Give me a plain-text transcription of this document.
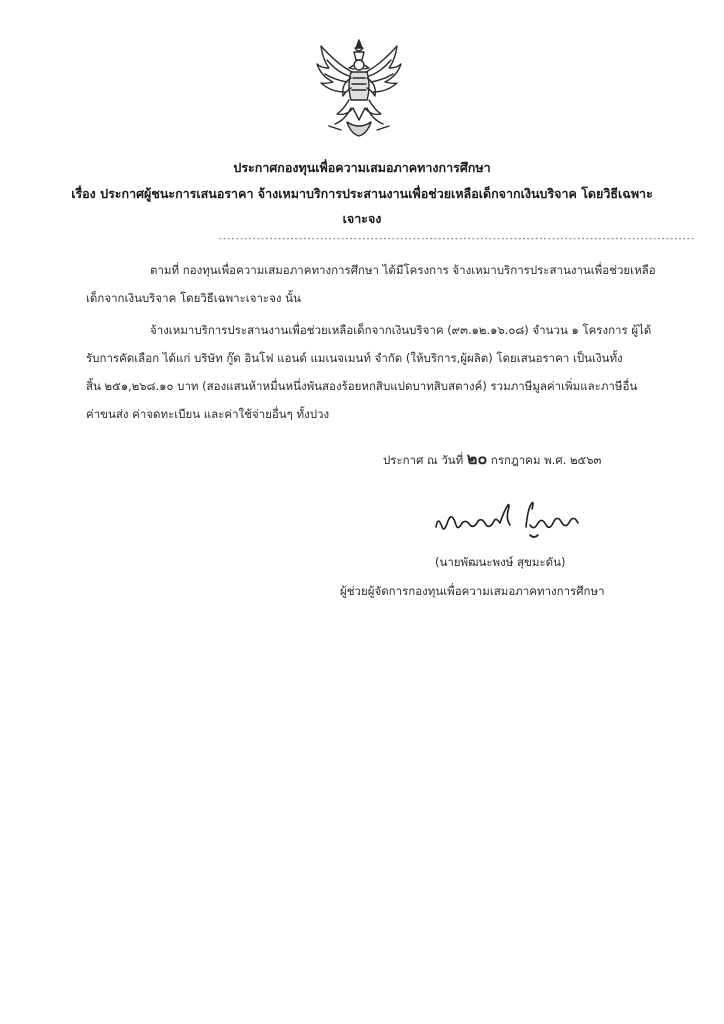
ประกาศกองทุนเพื่อความเสมอภาคทางการศึกษา
เรื่อง ประกาศผู้ชนะการเสนอราคา จ้างเหมาบริการประสานงานเพื่อช่วยเหลือเด็กจากเงินบริจาค โดยวิธีเฉพาะ
เจาะจง
-----------------------------------------------------------------------------------------------------------------
ตามที่ กองทุนเพื่อความเสมอภาคทางการศึกษา ได้มีโครงการ จ้างเหมาบริการประสานงานเพื่อช่วยเหลือ
เด็กจากเงินบริจาค โดยวิธีเฉพาะเจาะจง นั้น
จ้างเหมาบริการประสานงานเพื่อช่วยเหลือเด็กจากเงินบริจาค (๙๓.๑๒.๑๖.๐๘) จำนวน ๑ โครงการ ผู้ได้
รับการคัดเลือก ได้แก่ บริษัท กู๊ด อินโฟ แอนด์ แมเนจเมนท์ จำกัด (ให้บริการ,ผู้ผลิต) โดยเสนอราคา เป็นเงินทั้ง
สิ้น ๒๕๑,๒๖๘.๑๐ บาท (สองแสนห้าหมื่นหนึ่งพันสองร้อยหกสิบแปดบาทสิบสตางค์) รวมภาษีมูลค่าเพิ่มและภาษีอื่น
ค่าขนส่ง ค่าจดทะเบียน และค่าใช้จ่ายอื่นๆ ทั้งปวง
ประกาศ ณ วันที่ ๒๐ กรกฎาคม พ.ศ. ๒๕๖๓
(นายพัฒนะพงษ์ สุขมะดัน)
ผู้ช่วยผู้จัดการกองทุนเพื่อความเสมอภาคทางการศึกษา
